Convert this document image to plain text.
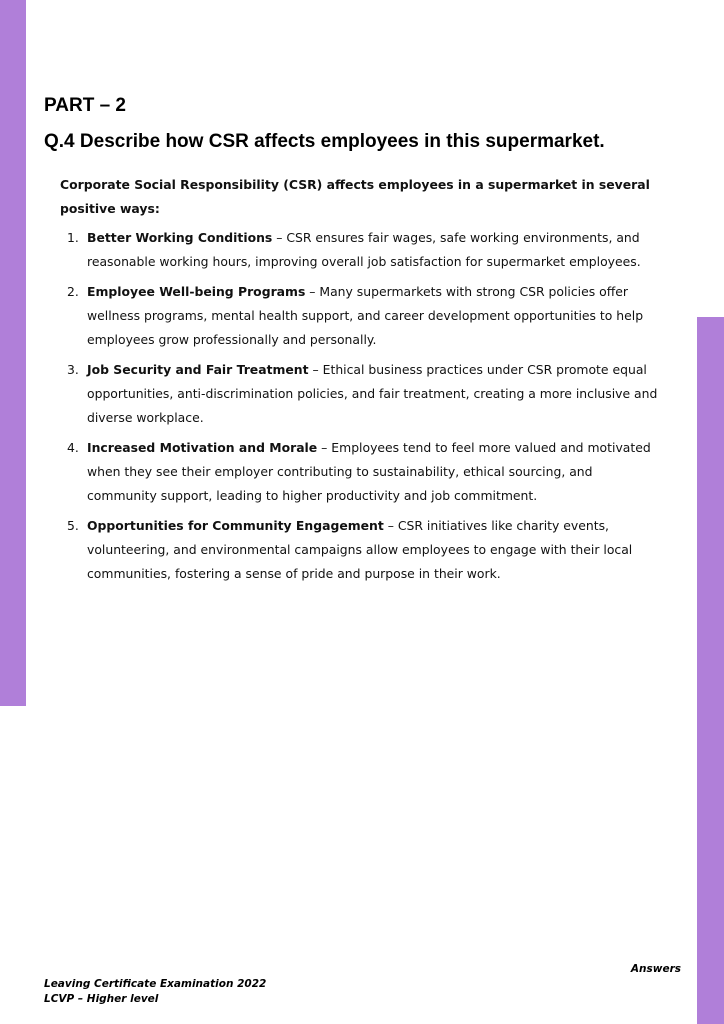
PART – 2
Q.4 Describe how CSR affects employees in this supermarket.

Corporate Social Responsibility (CSR) affects employees in a supermarket in several positive ways:

1. Better Working Conditions – CSR ensures fair wages, safe working environments, and reasonable working hours, improving overall job satisfaction for supermarket employees.
2. Employee Well-being Programs – Many supermarkets with strong CSR policies offer wellness programs, mental health support, and career development opportunities to help employees grow professionally and personally.
3. Job Security and Fair Treatment – Ethical business practices under CSR promote equal opportunities, anti-discrimination policies, and fair treatment, creating a more inclusive and diverse workplace.
4. Increased Motivation and Morale – Employees tend to feel more valued and motivated when they see their employer contributing to sustainability, ethical sourcing, and community support, leading to higher productivity and job commitment.
5. Opportunities for Community Engagement – CSR initiatives like charity events, volunteering, and environmental campaigns allow employees to engage with their local communities, fostering a sense of pride and purpose in their work.
Answers
Leaving Certificate Examination 2022
LCVP – Higher level
